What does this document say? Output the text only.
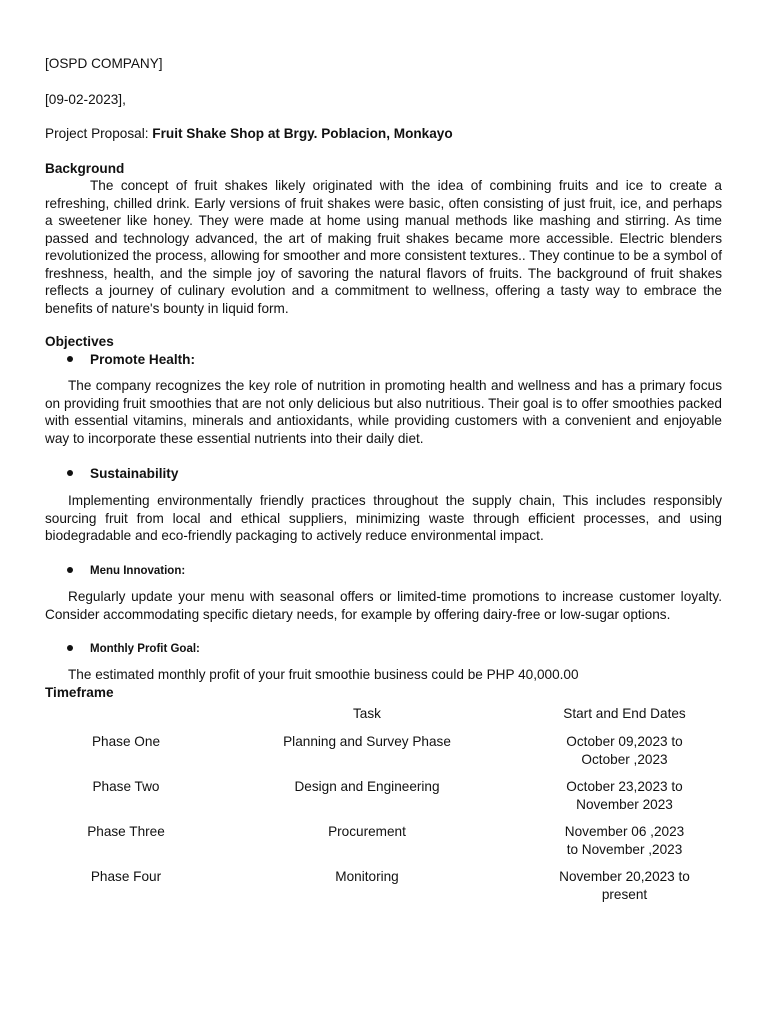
[OSPD COMPANY]

[09-02-2023],

Project Proposal: Fruit Shake Shop at Brgy. Poblacion, Monkayo

Background

The concept of fruit shakes likely originated with the idea of combining fruits and ice to create a refreshing, chilled drink. Early versions of fruit shakes were basic, often consisting of just fruit, ice, and perhaps a sweetener like honey. They were made at home using manual methods like mashing and stirring. As time passed and technology advanced, the art of making fruit shakes became more accessible. Electric blenders revolutionized the process, allowing for smoother and more consistent textures.. They continue to be a symbol of freshness, health, and the simple joy of savoring the natural flavors of fruits. The background of fruit shakes reflects a journey of culinary evolution and a commitment to wellness, offering a tasty way to embrace the benefits of nature's bounty in liquid form.

Objectives

Promote Health:

The company recognizes the key role of nutrition in promoting health and wellness and has a primary focus on providing fruit smoothies that are not only delicious but also nutritious. Their goal is to offer smoothies packed with essential vitamins, minerals and antioxidants, while providing customers with a convenient and enjoyable way to incorporate these essential nutrients into their daily diet.

Sustainability

Implementing environmentally friendly practices throughout the supply chain, This includes responsibly sourcing fruit from local and ethical suppliers, minimizing waste through efficient processes, and using biodegradable and eco-friendly packaging to actively reduce environmental impact.

Menu Innovation:

Regularly update your menu with seasonal offers or limited-time promotions to increase customer loyalty. Consider accommodating specific dietary needs, for example by offering dairy-free or low-sugar options.

Monthly Profit Goal:

The estimated monthly profit of your fruit smoothie business could be PHP 40,000.00

Timeframe

	Task	Start and End Dates
Phase One	Planning and Survey Phase	October 09,2023 to
October ,2023

Phase Two	Design and Engineering	October 23,2023 to
November 2023

Phase Three	Procurement	November 06 ,2023
to November ,2023

Phase Four	Monitoring	November 20,2023 to
present
